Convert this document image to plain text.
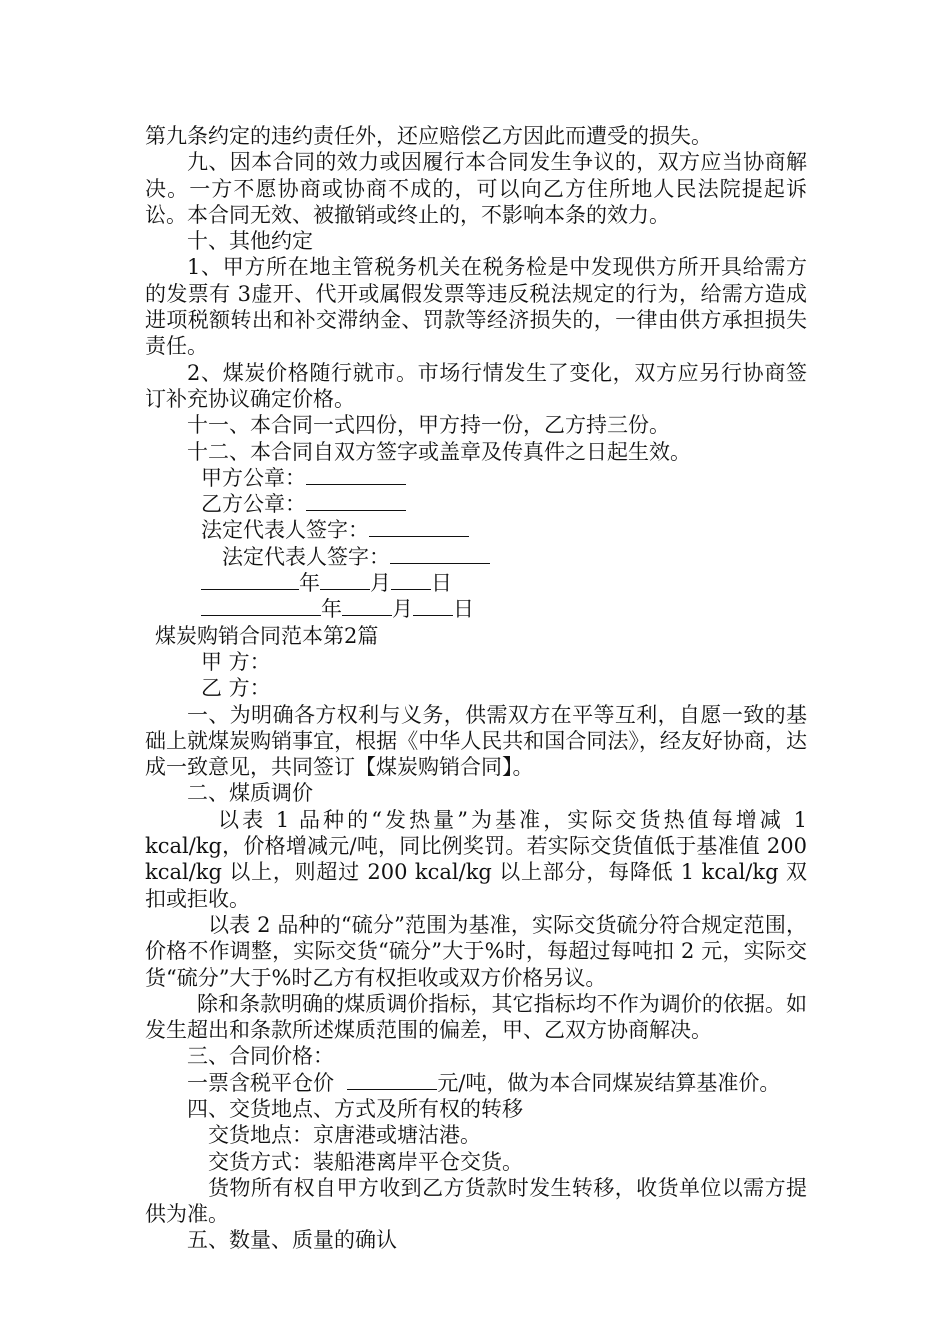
第九条约定的违约责任外，还应赔偿乙方因此而遭受的损失。

九、因本合同的效力或因履行本合同发生争议的，双方应当协商解决。一方不愿协商或协商不成的，可以向乙方住所地人民法院提起诉讼。本合同无效、被撤销或终止的，不影响本条的效力。

十、其他约定

1、甲方所在地主管税务机关在税务检是中发现供方所开具给需方的发票有 3虚开、代开或属假发票等违反税法规定的行为，给需方造成进项税额转出和补交滞纳金、罚款等经济损失的，一律由供方承担损失责任。

2、煤炭价格随行就市。市场行情发生了变化，双方应另行协商签订补充协议确定价格。

十一、本合同一式四份，甲方持一份，乙方持三份。

十二、本合同自双方签字或盖章及传真件之日起生效。

甲方公章：
乙方公章：
法定代表人签字：
法定代表人签字：
年 月 日
年 月 日

煤炭购销合同范本第2篇

甲 方：

乙 方：

一、为明确各方权利与义务，供需双方在平等互利，自愿一致的基础上就煤炭购销事宜，根据《中华人民共和国合同法》，经友好协商，达成一致意见，共同签订【煤炭购销合同】。

二、煤质调价

以表 1 品种的“发热量”为基准，实际交货热值每增减 1 kcal/kg，价格增减元/吨，同比例奖罚。若实际交货值低于基准值 200 kcal/kg 以上，则超过 200 kcal/kg 以上部分，每降低 1 kcal/kg 双扣或拒收。

以表 2 品种的“硫分”范围为基准，实际交货硫分符合规定范围，价格不作调整，实际交货“硫分”大于%时，每超过每吨扣 2 元，实际交货“硫分”大于%时乙方有权拒收或双方价格另议。

除和条款明确的煤质调价指标，其它指标均不作为调价的依据。如发生超出和条款所述煤质范围的偏差，甲、乙双方协商解决。

三、合同价格：

一票含税平仓价	元/吨，做为本合同煤炭结算基准价。

四、交货地点、方式及所有权的转移

交货地点：京唐港或塘沽港。

交货方式：装船港离岸平仓交货。

货物所有权自甲方收到乙方货款时发生转移，收货单位以需方提供为准。

五、数量、质量的确认
